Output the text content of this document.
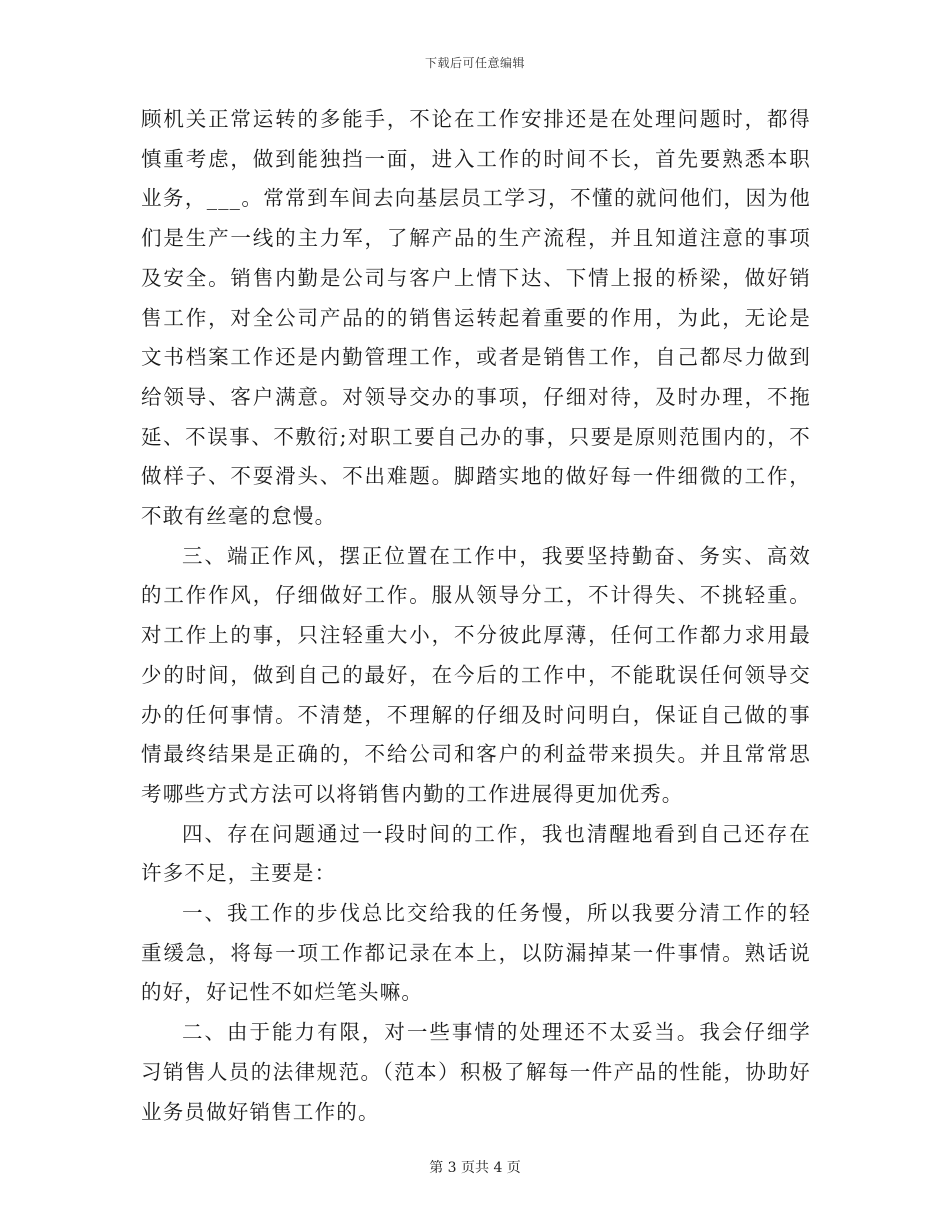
下载后可任意编辑

顾机关正常运转的多能手，不论在工作安排还是在处理问题时，都得慎重考虑，做到能独挡一面，进入工作的时间不长，首先要熟悉本职业务，___。常常到车间去向基层员工学习，不懂的就问他们，因为他们是生产一线的主力军，了解产品的生产流程，并且知道注意的事项及安全。销售内勤是公司与客户上情下达、下情上报的桥梁，做好销售工作，对全公司产品的的销售运转起着重要的作用，为此，无论是文书档案工作还是内勤管理工作，或者是销售工作，自己都尽力做到给领导、客户满意。对领导交办的事项，仔细对待，及时办理，不拖延、不误事、不敷衍;对职工要自己办的事，只要是原则范围内的，不做样子、不耍滑头、不出难题。脚踏实地的做好每一件细微的工作，不敢有丝毫的怠慢。

三、端正作风，摆正位置在工作中，我要坚持勤奋、务实、高效的工作作风，仔细做好工作。服从领导分工，不计得失、不挑轻重。对工作上的事，只注轻重大小，不分彼此厚薄，任何工作都力求用最少的时间，做到自己的最好，在今后的工作中，不能耽误任何领导交办的任何事情。不清楚，不理解的仔细及时问明白，保证自己做的事情最终结果是正确的，不给公司和客户的利益带来损失。并且常常思考哪些方式方法可以将销售内勤的工作进展得更加优秀。

四、存在问题通过一段时间的工作，我也清醒地看到自己还存在许多不足，主要是：

一、我工作的步伐总比交给我的任务慢，所以我要分清工作的轻重缓急，将每一项工作都记录在本上，以防漏掉某一件事情。熟话说的好，好记性不如烂笔头嘛。

二、由于能力有限，对一些事情的处理还不太妥当。我会仔细学习销售人员的法律规范。（范本）积极了解每一件产品的性能，协助好业务员做好销售工作的。

第 3 页共 4 页
